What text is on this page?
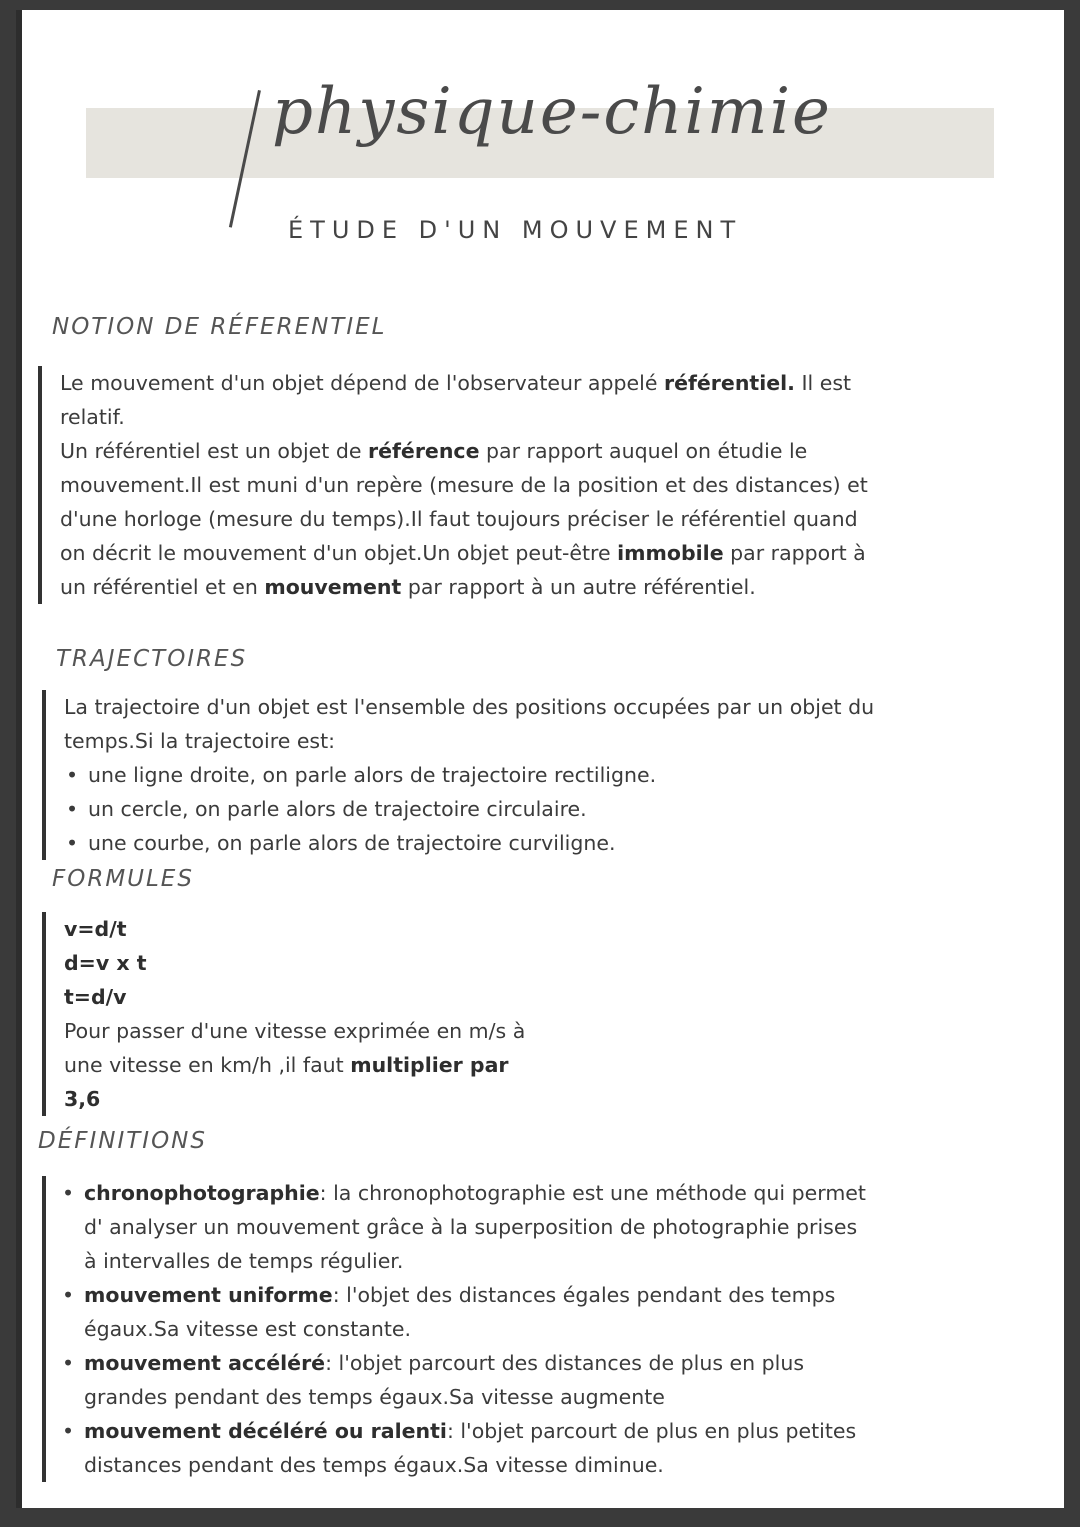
physique-chimie
ÉTUDE D'UN MOUVEMENT
NOTION DE RÉFERENTIEL

Le mouvement d'un objet dépend de l'observateur appelé référentiel. Il est relatif.

Un référentiel est un objet de référence par rapport auquel on étudie le mouvement.Il est muni d'un repère (mesure de la position et des distances) et d'une horloge (mesure du temps).Il faut toujours préciser le référentiel quand on décrit le mouvement d'un objet.Un objet peut-être immobile par rapport à un référentiel et en mouvement par rapport à un autre référentiel.

TRAJECTOIRES

La trajectoire d'un objet est l'ensemble des positions occupées par un objet du temps.Si la trajectoire est:

• une ligne droite, on parle alors de trajectoire rectiligne.
• un cercle, on parle alors de trajectoire circulaire.
• une courbe, on parle alors de trajectoire curviligne.
FORMULES

v=d/t

d=v x t

t=d/v

Pour passer d'une vitesse exprimée en m/s à une vitesse en km/h ,il faut multiplier par 3,6

DÉFINITIONS
• chronophotographie: la chronophotographie est une méthode qui permet d' analyser un mouvement grâce à la superposition de photographie prises à intervalles de temps régulier.
• mouvement uniforme: l'objet des distances égales pendant des temps égaux.Sa vitesse est constante.
• mouvement accéléré: l'objet parcourt des distances de plus en plus grandes pendant des temps égaux.Sa vitesse augmente
• mouvement décéléré ou ralenti: l'objet parcourt de plus en plus petites distances pendant des temps égaux.Sa vitesse diminue.
